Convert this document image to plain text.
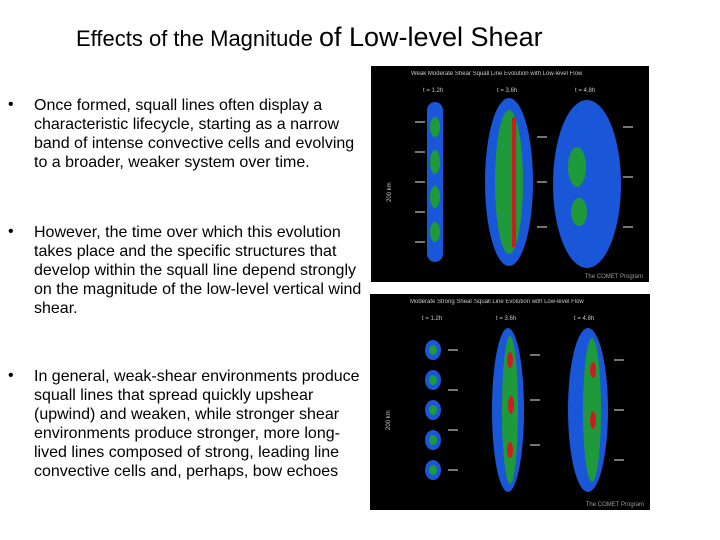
Effects of the Magnitude of Low-level Shear
• Once formed, squall lines often display a characteristic lifecycle, starting as a narrow band of intense convective cells and evolving to a broader, weaker system over time.
• However, the time over which this evolution takes place and the specific structures that develop within the squall line depend strongly on the magnitude of the low-level vertical wind shear.
• In general, weak-shear environments produce squall lines that spread quickly upshear (upwind) and weaken, while stronger shear environments produce stronger, more long-lived lines composed of strong, leading line convective cells and, perhaps, bow echoes
Weak Moderate Shear Squall Line Evolution with Low-level Flow
t = 1.2h	t = 3.6h	t = 4.8h
200 km
The COMET Program
Moderate Strong Shear Squall Line Evolution with Low-level Flow
t = 1.2h	t = 3.6h	t = 4.8h
200 km
The COMET Program
